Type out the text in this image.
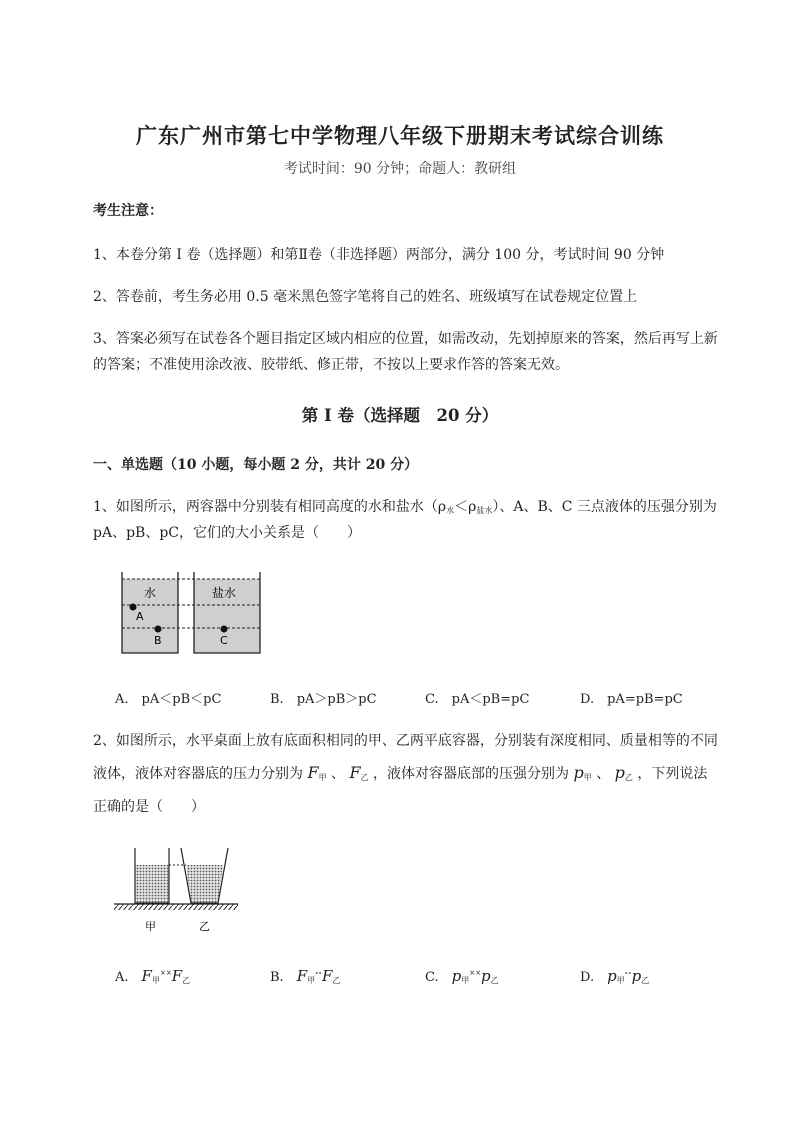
广东广州市第七中学物理八年级下册期末考试综合训练
考试时间：90 分钟；命题人：教研组
考生注意：
1、本卷分第 I 卷（选择题）和第Ⅱ卷（非选择题）两部分，满分 100 分，考试时间 90 分钟
2、答卷前，考生务必用 0.5 毫米黑色签字笔将自己的姓名、班级填写在试卷规定位置上
3、答案必须写在试卷各个题目指定区域内相应的位置，如需改动，先划掉原来的答案，然后再写上新
的答案；不准使用涂改液、胶带纸、修正带，不按以上要求作答的答案无效。
第 I 卷（选择题　20 分）
一、单选题（10 小题，每小题 2 分，共计 20 分）
1、如图所示，两容器中分别装有相同高度的水和盐水$(\rho_水<\rho_{盐水})$、A、B、C 三点液体的压强分别为
pA、pB、pC，它们的大小关系是（　　）
水	盐水
A
B	C
A.　 pA＜pB＜pC	B.　 pA＞pB＞pC	C.　 pA＜pB=pC	D.　 pA=pB=pC
2、如图所示，水平桌面上放有底面积相同的甲、乙两平底容器，分别装有深度相同、质量相等的不同
液体，液体对容器底的压力分别为 $F_甲$ 、 $F_乙$ ，液体对容器底部的压强分别为 $p_甲$ 、 $p_乙$ ，下列说法
正确的是（　　）
甲	乙
A.　 $F_甲^{\times\times}F_乙$	B.　 $F_甲^{\circ\circ}F_乙$	C.　 $p_甲^{\times\times}p_乙$	D.　 $p_甲^{\circ\circ}p_乙$
